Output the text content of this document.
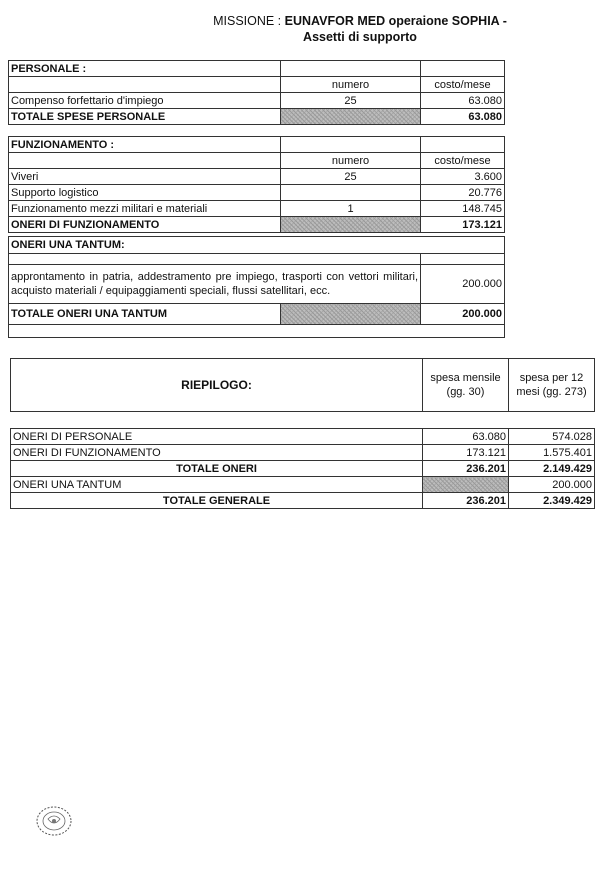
MISSIONE : EUNAVFOR MED operaione SOPHIA -
Assetti di supporto
PERSONALE :		
	numero	costo/mese
Compenso forfettario d'impiego	25	63.080
TOTALE SPESE PERSONALE		63.080
FUNZIONAMENTO :		
	numero	costo/mese
Viveri	25	3.600
Supporto logistico		20.776
Funzionamento mezzi militari e materiali	1	148.745
ONERI DI FUNZIONAMENTO		173.121
ONERI UNA TANTUM:		

approntamento in patria, addestramento pre impiego, trasporti con vettori militari, acquisto materiali / equipaggiamenti speciali, flussi satellitari, ecc.		200.000
TOTALE ONERI UNA TANTUM		200.000

RIEPILOGO:	spesa mensile (gg. 30)	spesa per 12 mesi (gg. 273)
ONERI DI PERSONALE	63.080	574.028
ONERI DI FUNZIONAMENTO	173.121	1.575.401
TOTALE ONERI	236.201	2.149.429
ONERI UNA TANTUM		200.000
TOTALE GENERALE	236.201	2.349.429
